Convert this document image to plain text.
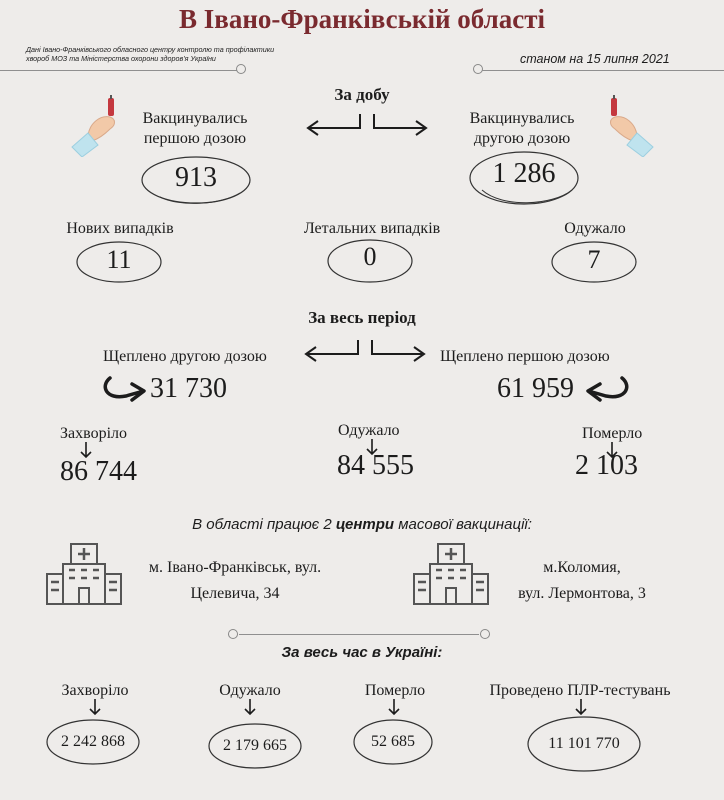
В Івано-Франківській області
Дані Івано-Франківського обласного центру контролю та профілактики
хвороб МОЗ та Міністерства охорони здоров'я України	станом на 15 липня 2021
За добу
Вакцинувались
першою дозою
913
Вакцинувались
другою дозою
1 286
Нових випадків
11
Летальних випадків
0
Одужало
7
За весь період
Щеплено другою дозою
31 730
Щеплено першою дозою
61 959
Захворіло
86 744
Одужало
84 555
Померло
2 103
В області працює 2 центри масової вакцинації:
м. Івано-Франківськ, вул.
Целевича, 34
м.Коломия,
вул. Лермонтова, 3
За весь час в Україні:
Захворіло
2 242 868
Одужало
2 179 665
Померло
52 685
Проведено ПЛР-тестувань
11 101 770
